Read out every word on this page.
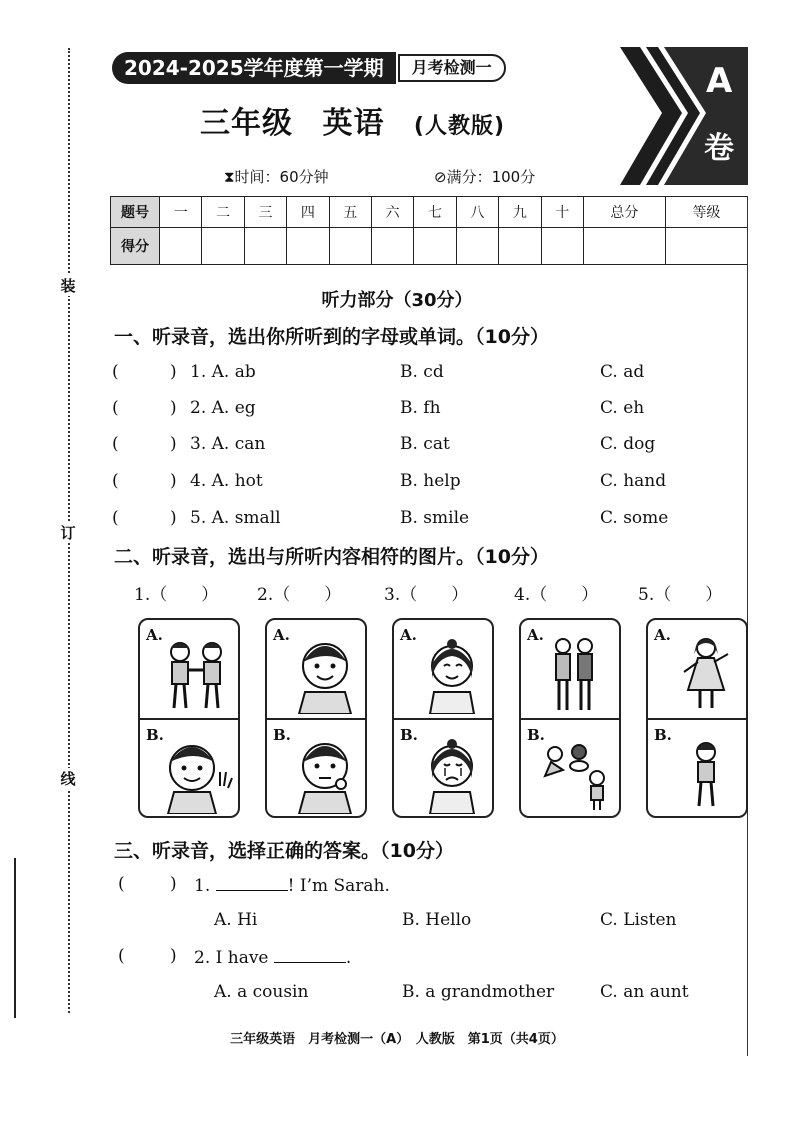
装
订
线
2024-2025学年度第一学期	月考检测一
三年级 英语 (人教版)
A
卷
⧗时间：60分钟	⊘满分：100分
题号	一	二	三	四	五	六	七	八	九	十	总分	等级
得分												
听力部分（30分）
一、听录音，选出你所听到的字母或单词。（10分）
(	) 1. A. ab	B. cd	C. ad
(	) 2. A. eg	B. fh	C. eh
(	) 3. A. can	B. cat	C. dog
(	) 4. A. hot	B. help	C. hand
(	) 5. A. small	B. smile	C. some
二、听录音，选出与所听内容相符的图片。（10分）
1.（　　） 2.（　　）	3.（　　）	4.（　　） 5.（　　）
A.
B.
A.
B.
A.
B.
A.
B.
A.
B.
三、听录音，选择正确的答案。（10分）
(	) 1.	! I’m Sarah.
A. Hi	B. Hello	C. Listen
(	) 2. I have	.
A. a cousin	B. a grandmother	C. an aunt
三年级英语　月考检测一（A）　人教版　第1页（共4页）
